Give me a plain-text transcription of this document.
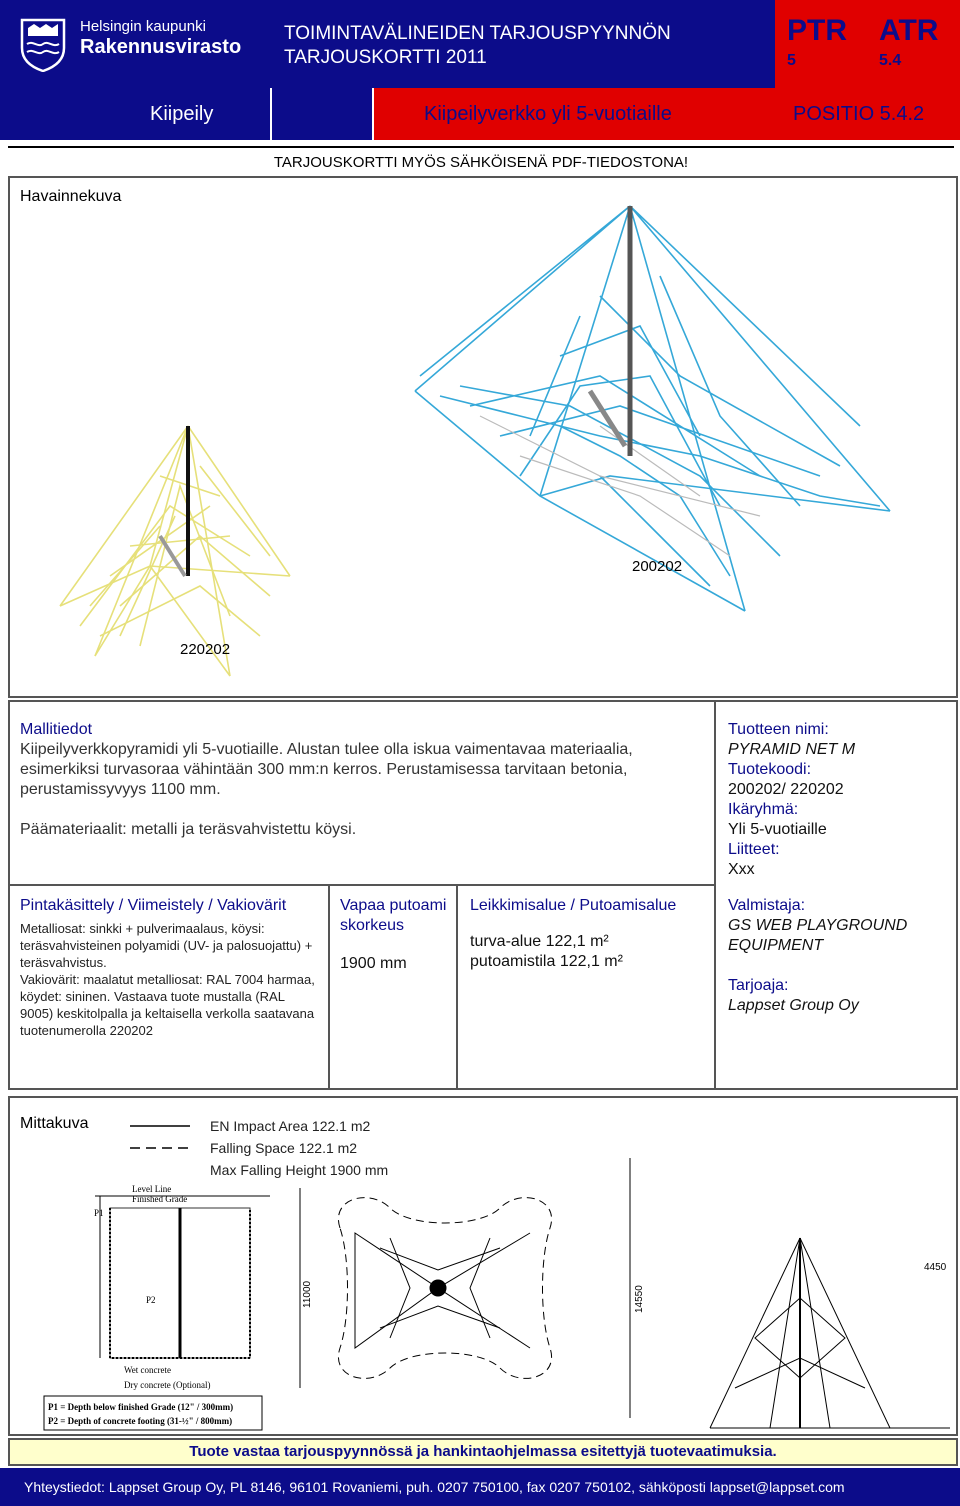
Helsingin kaupunki
Rakennusvirasto
TOIMINTAVÄLINEIDEN TARJOUSPYYNNÖN
TARJOUSKORTTI 2011
PTR
5
ATR
5.4
Kiipeily	Kiipeilyverkko yli 5-vuotiaille	POSITIO 5.4.2
TARJOUSKORTTI MYÖS SÄHKÖISENÄ PDF-TIEDOSTONA!
Havainnekuva
220202
200202
Mallitiedot
Kiipeilyverkkopyramidi yli 5-vuotiaille. Alustan tulee olla iskua vaimentavaa materiaalia, esimerkiksi turvasoraa vähintään 300 mm:n kerros. Perustamisessa tarvitaan betonia, perustamissyvyys 1100 mm.
Päämateriaalit: metalli ja teräsvahvistettu köysi.
Tuotteen nimi:
PYRAMID NET M
Tuotekoodi:
200202/ 220202
Ikäryhmä:
Yli 5-vuotiaille
Liitteet:
Xxx
Pintakäsittely / Viimeistely / Vakiovärit
Metalliosat: sinkki + pulverimaalaus, köysi: teräsvahvisteinen polyamidi (UV- ja palosuojattu) + teräsvahvistus.
Vakiovärit: maalatut metalliosat: RAL 7004 harmaa, köydet: sininen. Vastaava tuote mustalla (RAL 9005) keskitolpalla ja keltaisella verkolla saatavana tuotenumerolla 220202
Vapaa putoamiskorkeus
1900 mm
Leikkimisalue / Putoamisalue
turva-alue 122,1 m²
putoamistila 122,1 m²
Valmistaja:
GS WEB PLAYGROUND EQUIPMENT
Tarjoaja:
Lappset Group Oy
Mittakuva	EN Impact Area 122.1 m2
Falling Space 122.1 m2
Max Falling Height 1900 mm
Level Line
Finished Grade
P1
P2
Wet concrete
Dry concrete (Optional)
P1 = Depth below finished Grade (12" / 300mm)
P2 = Depth of concrete footing (31-½" / 800mm)
11000	14550
4450
Tuote vastaa tarjouspyynnössä ja hankintaohjelmassa esitettyjä tuotevaatimuksia.
Yhteystiedot: Lappset Group Oy, PL 8146, 96101 Rovaniemi, puh. 0207 750100, fax 0207 750102, sähköposti lappset@lappset.com
